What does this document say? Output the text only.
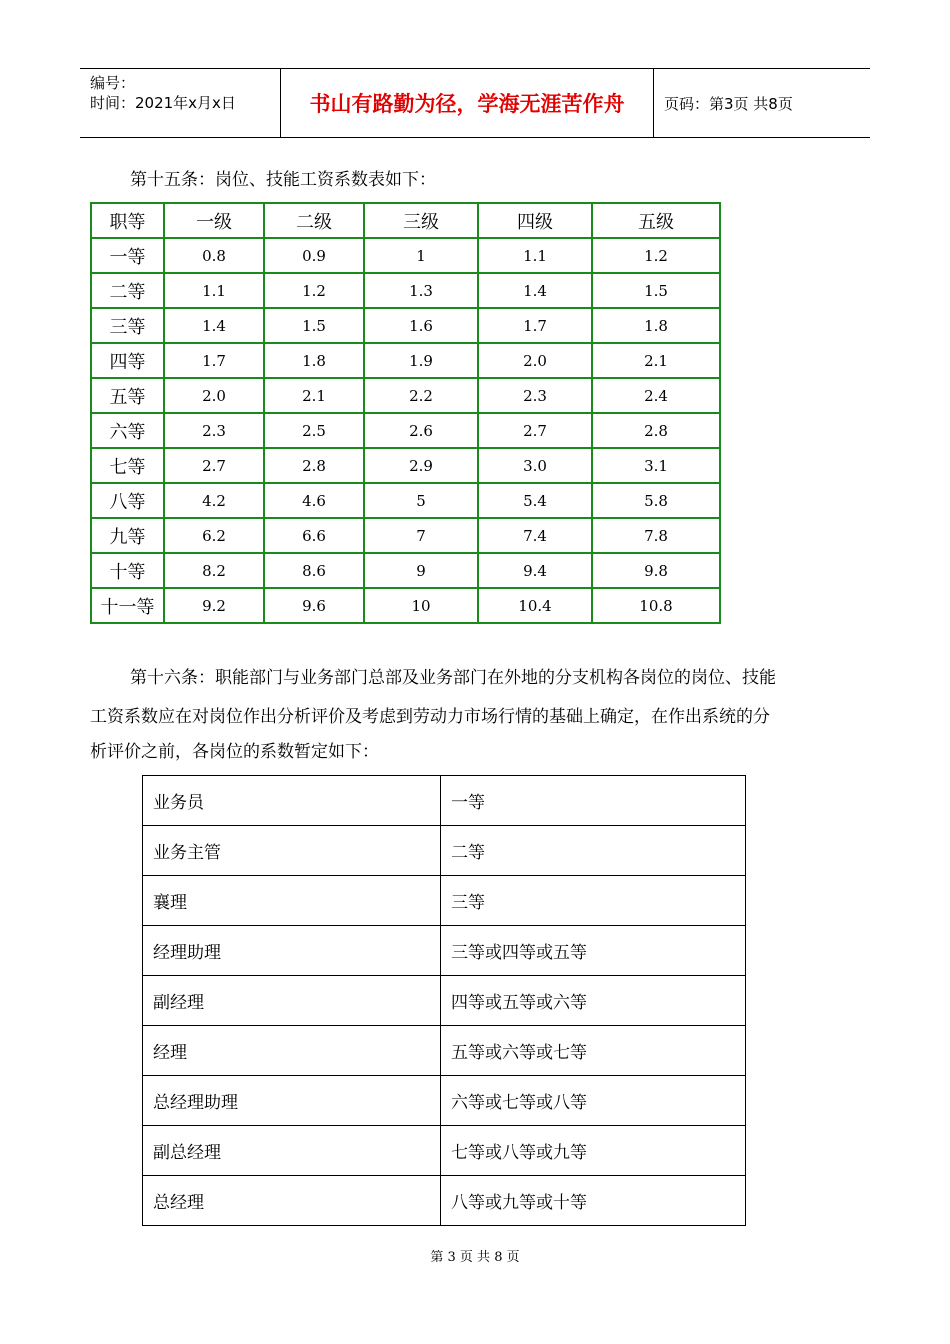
编号：
时间：2021年x月x日	书山有路勤为径，学海无涯苦作舟	页码：第3页 共8页
第十五条：岗位、技能工资系数表如下：
职等	一级	二级	三级	四级	五级
一等	0.8	0.9	1	1.1	1.2
二等	1.1	1.2	1.3	1.4	1.5
三等	1.4	1.5	1.6	1.7	1.8
四等	1.7	1.8	1.9	2.0	2.1
五等	2.0	2.1	2.2	2.3	2.4
六等	2.3	2.5	2.6	2.7	2.8
七等	2.7	2.8	2.9	3.0	3.1
八等	4.2	4.6	5	5.4	5.8
九等	6.2	6.6	7	7.4	7.8
十等	8.2	8.6	9	9.4	9.8
十一等	9.2	9.6	10	10.4	10.8
第十六条：职能部门与业务部门总部及业务部门在外地的分支机构各岗位的岗位、技能
工资系数应在对岗位作出分析评价及考虑到劳动力市场行情的基础上确定，在作出系统的分
析评价之前，各岗位的系数暂定如下：
业务员	一等
业务主管	二等
襄理	三等
经理助理	三等或四等或五等
副经理	四等或五等或六等
经理	五等或六等或七等
总经理助理	六等或七等或八等
副总经理	七等或八等或九等
总经理	八等或九等或十等
第 3 页 共 8 页
